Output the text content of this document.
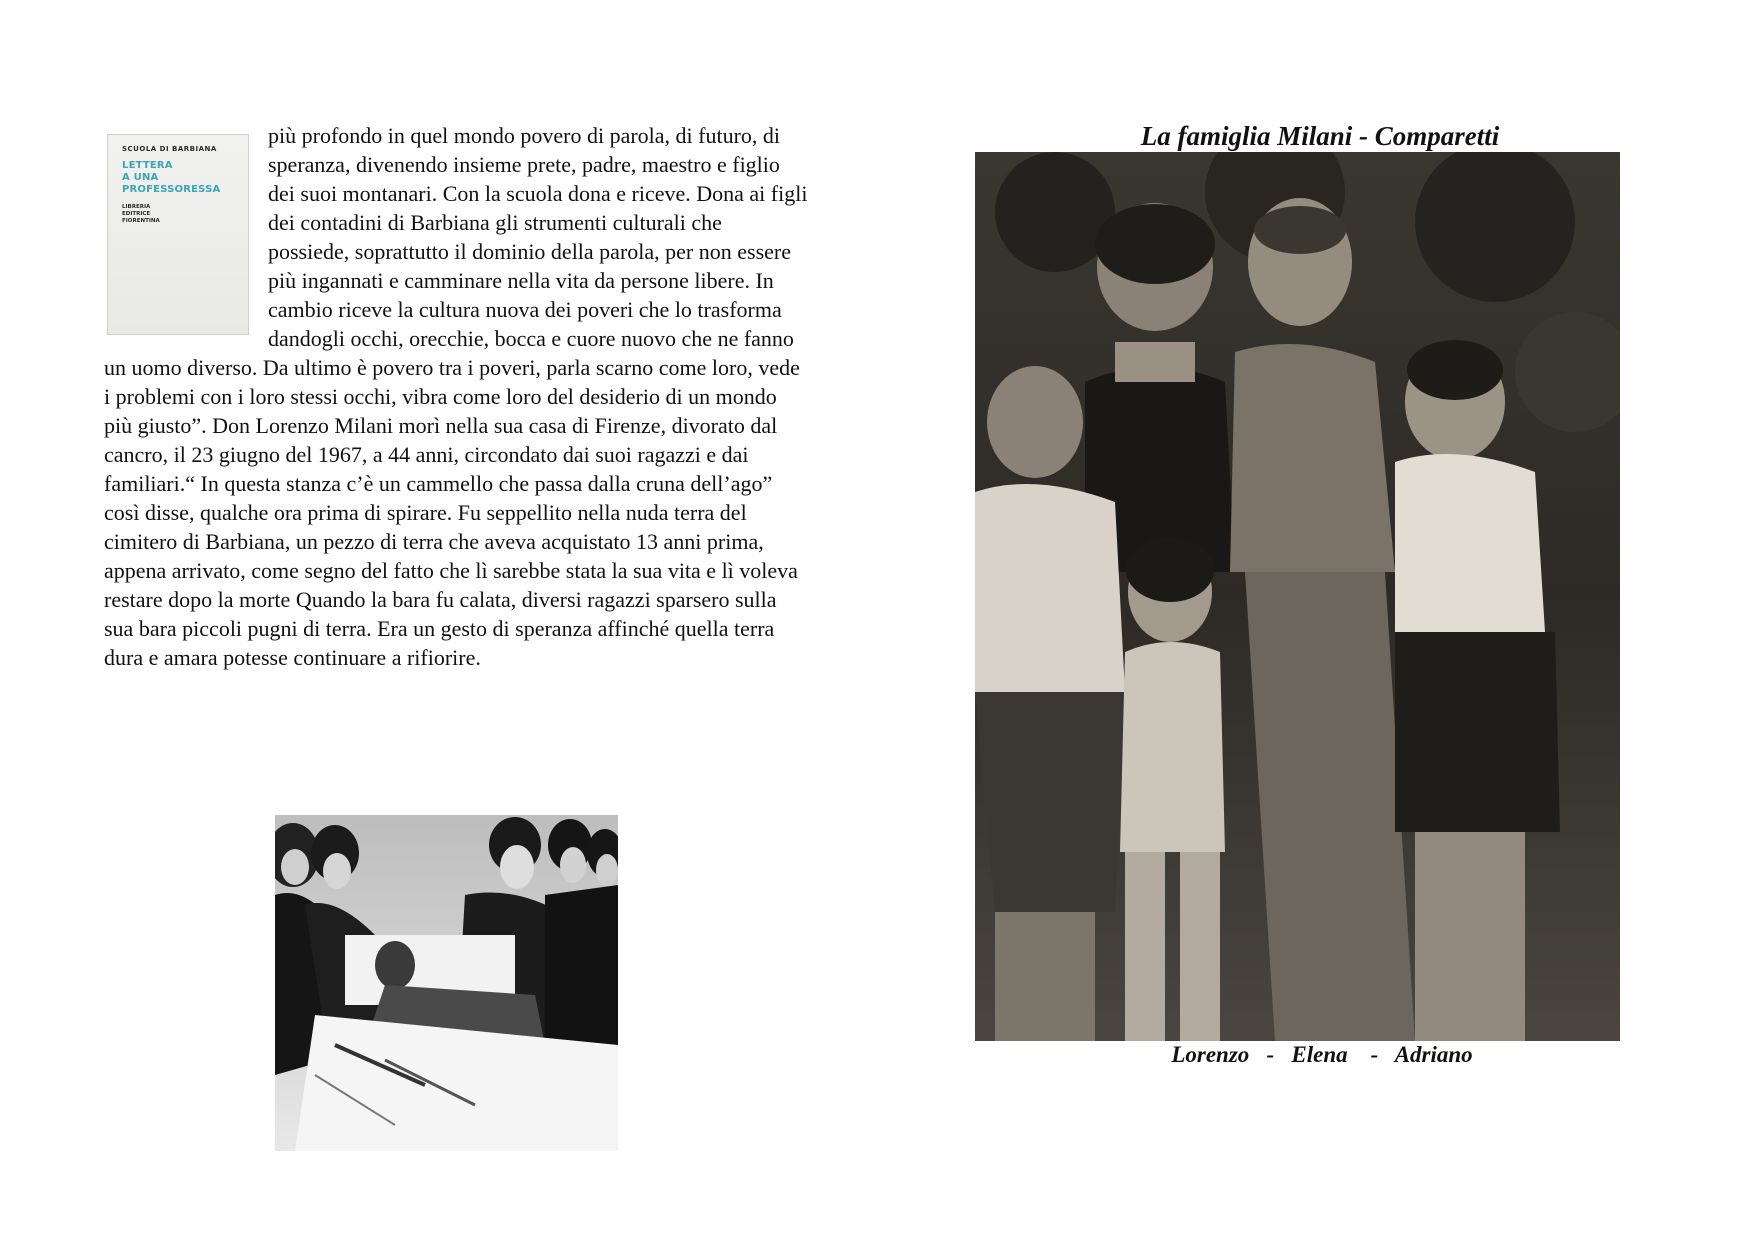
SCUOLA DI BARBIANA
LETTERA
A UNA PROFESSORESSA
LIBRERIA
EDITRICE
FIORENTINA
più profondo in quel mondo povero di parola, di futuro, di speranza, divenendo insieme prete, padre, maestro e figlio dei suoi montanari. Con la scuola dona e riceve. Dona ai figli dei contadini di Barbiana gli strumenti culturali che possiede, soprattutto il dominio della parola, per non essere più ingannati e camminare nella vita da persone libere. In cambio riceve la cultura nuova dei poveri che lo trasforma dandogli occhi, orecchie, bocca e cuore nuovo che ne fanno un uomo diverso. Da ultimo è povero tra i poveri, parla scarno come loro, vede i problemi con i loro stessi occhi, vibra come loro del desiderio di un mondo più giusto”. Don Lorenzo Milani morì nella sua casa di Firenze, divorato dal cancro, il 23 giugno del 1967, a 44 anni, circondato dai suoi ragazzi e dai familiari.“ In questa stanza c’è un cammello che passa dalla cruna dell’ago” così disse, qualche ora prima di spirare. Fu seppellito nella nuda terra del cimitero di Barbiana, un pezzo di terra che aveva acquistato 13 anni prima, appena arrivato, come segno del fatto che lì sarebbe stata la sua vita e lì voleva restare dopo la morte Quando la bara fu calata, diversi ragazzi sparsero sulla sua bara piccoli pugni di terra. Era un gesto di speranza affinché quella terra dura e amara potesse continuare a rifiorire.

La famiglia Milani - Comparetti

Lorenzo   -   Elena    -   Adriano
